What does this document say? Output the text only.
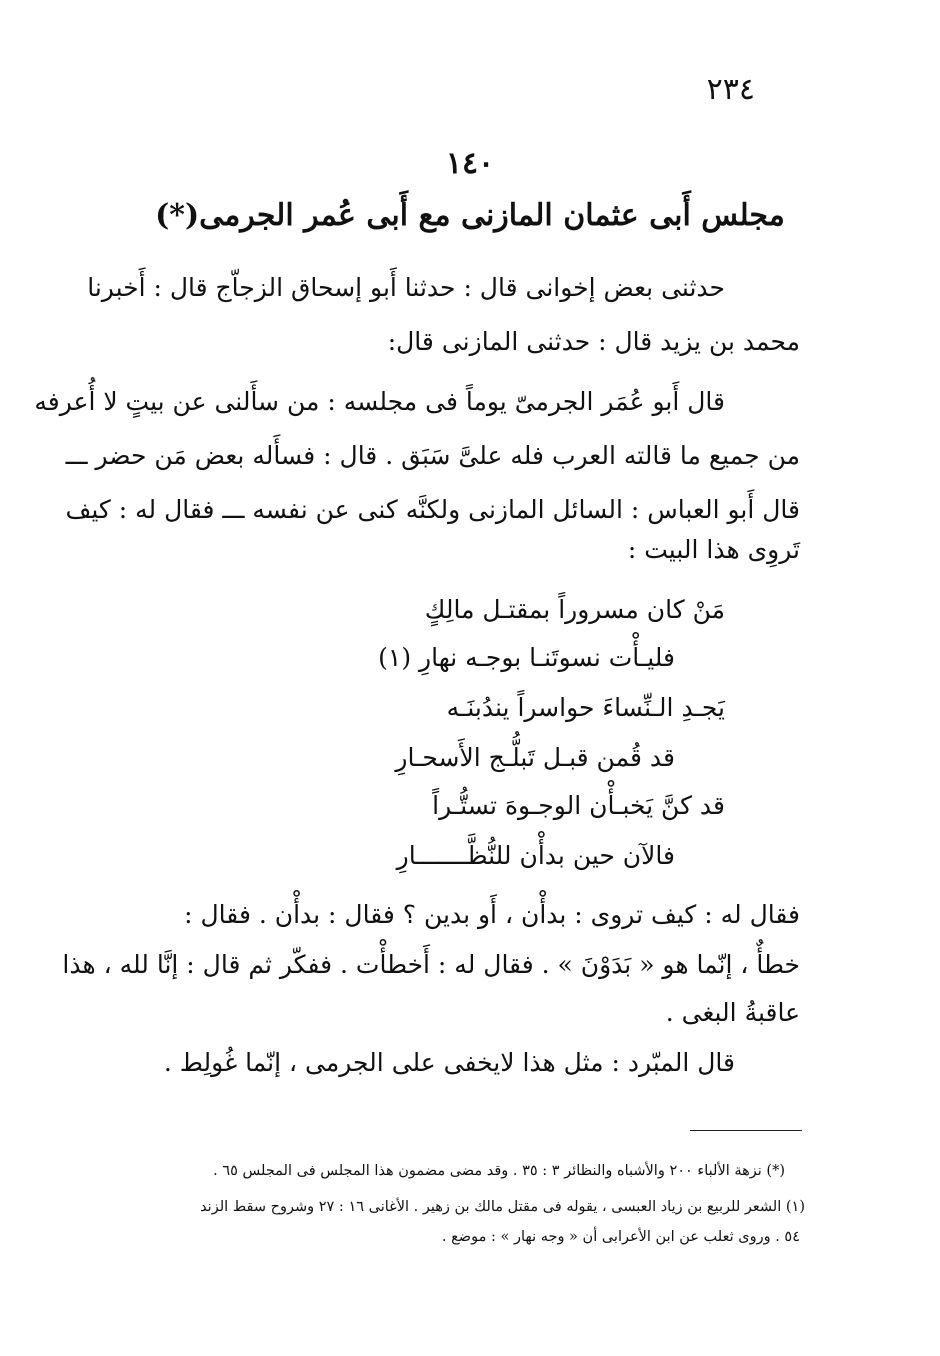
٢٣٤
١٤٠
مجلس أَبى عثمان المازنى مع أَبى عُمر الجرمى(*)
حدثنى بعض إخوانى قال : حدثنا أَبو إسحاق الزجاّج قال : أَخبرنا
محمد بن يزيد قال : حدثنى المازنى قال:
قال أَبو عُمَر الجرمىّ يوماً فى مجلسه : من سأَلنى عن بيتٍ لا أُعرفه
من جميع ما قالته العرب فله علىَّ سَبَق . قال : فسأَله بعض مَن حضر ـــ
قال أَبو العباس : السائل المازنى ولكنَّه كنى عن نفسه ـــ فقال له : كيف
تَروِى هذا البيت :
مَنْ كان مسروراً بمقتـل مالِكٍ
فليـأْت نسوتَنـا بوجـه نهارِ (١)
يَجـدِ الـنِّساءَ حواسراً يندُبنَـه
قد قُمن قبـل تَبلُّـج الأَسحـارِ
قد كنَّ يَخبـأْن الوجـوهَ تستُّـراً
فالآن حين بدأْن للنُّظَّـــــــارِ
فقال له : كيف تروى : بدأْن ، أَو بدين ؟ فقال : بدأْن . فقال :
خطأٌ ، إنّما هو « بَدَوْنَ » . فقال له : أَخطأْت . ففكّر ثم قال : إنَّا لله ، هذا
عاقبةُ البغى .
قال المبّرد : مثل هذا لايخفى على الجرمى ، إنّما غُولِط .
(*) نزهة الألباء ٢٠٠ والأشباه والنظائر ٣ : ٣٥ . وقد مضى مضمون هذا المجلس فى المجلس ٦٥ .
(١) الشعر للربيع بن زياد العبسى ، يقوله فى مقتل مالك بن زهير . الأغانى ١٦ : ٢٧ وشروح سقط الزند
٥٤ . وروى ثعلب عن ابن الأعرابى أن « وجه نهار » : موضع .
